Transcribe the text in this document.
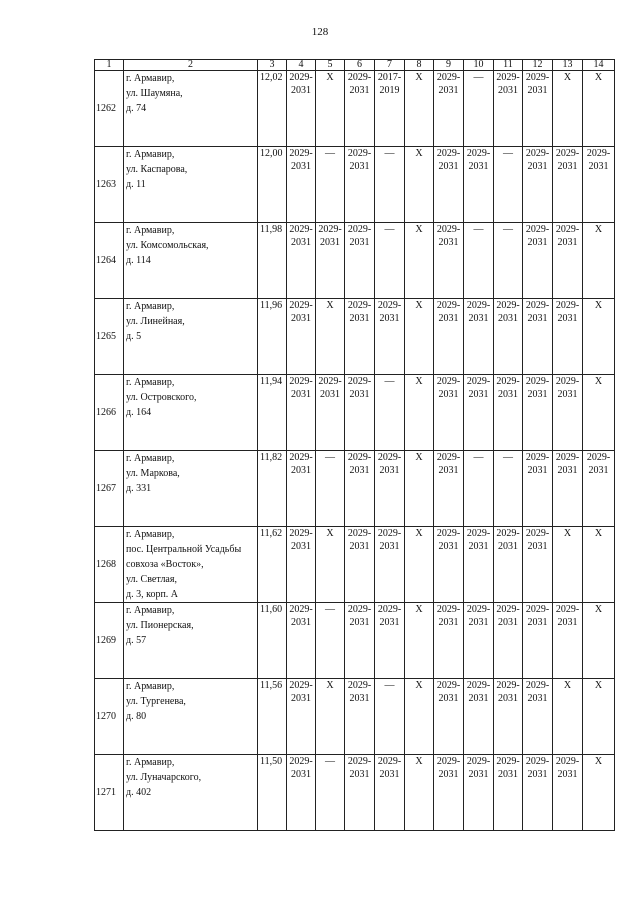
128
1	2	3	4	5	6	7	8	9	10	11	12	13	14
1262	г. Армавир,
ул. Шаумяна,
д. 74	12,02	2029-
2031	Х	2029-
2031	2017-
2019	Х	2029-
2031	—	2029-
2031	2029-
2031	Х	Х

1263	г. Армавир,
ул. Каспарова,
д. 11	12,00	2029-
2031	—	2029-
2031	—	Х	2029-
2031	2029-
2031	—	2029-
2031	2029-
2031	2029-
2031

1264	г. Армавир,
ул. Комсомольская,
д. 114	11,98	2029-
2031	2029-
2031	2029-
2031	—	Х	2029-
2031	—	—	2029-
2031	2029-
2031	Х

1265	г. Армавир,
ул. Линейная,
д. 5	11,96	2029-
2031	Х	2029-
2031	2029-
2031	Х	2029-
2031	2029-
2031	2029-
2031	2029-
2031	2029-
2031	Х

1266	г. Армавир,
ул. Островского,
д. 164	11,94	2029-
2031	2029-
2031	2029-
2031	—	Х	2029-
2031	2029-
2031	2029-
2031	2029-
2031	2029-
2031	Х

1267	г. Армавир,
ул. Маркова,
д. 331	11,82	2029-
2031	—	2029-
2031	2029-
2031	Х	2029-
2031	—	—	2029-
2031	2029-
2031	2029-
2031

1268	г. Армавир,
пос. Центральной Усадьбы
совхоза «Восток»,
ул. Светлая,
д. 3, корп. А	11,62	2029-
2031	Х	2029-
2031	2029-
2031	Х	2029-
2031	2029-
2031	2029-
2031	2029-
2031	Х	Х

1269	г. Армавир,
ул. Пионерская,
д. 57	11,60	2029-
2031	—	2029-
2031	2029-
2031	Х	2029-
2031	2029-
2031	2029-
2031	2029-
2031	2029-
2031	Х

1270	г. Армавир,
ул. Тургенева,
д. 80	11,56	2029-
2031	Х	2029-
2031	—	Х	2029-
2031	2029-
2031	2029-
2031	2029-
2031	Х	Х

1271	г. Армавир,
ул. Луначарского,
д. 402	11,50	2029-
2031	—	2029-
2031	2029-
2031	Х	2029-
2031	2029-
2031	2029-
2031	2029-
2031	2029-
2031	Х
